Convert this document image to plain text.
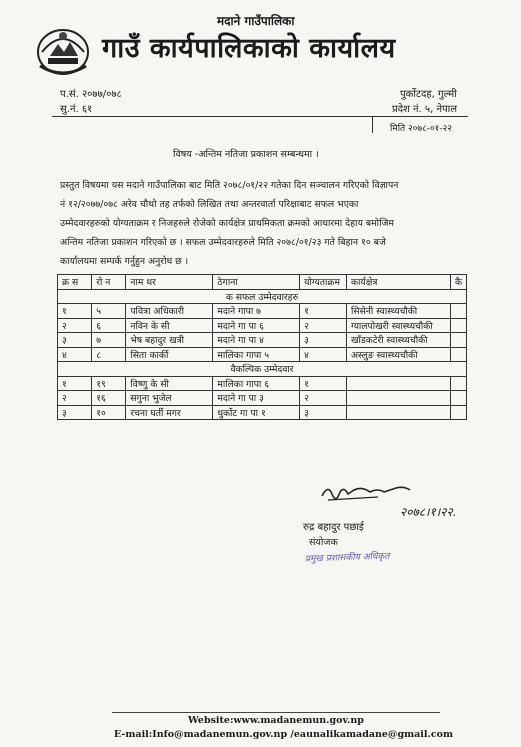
मदाने गाउँपालिका
गाउँ कार्यपालिकाको कार्यालय
प.सं. २०७७/०७८
सु.नं. ६१
पुर्कोटदह, गुल्मी
प्रदेश नं. ५, नेपाल
मिति २०७८-०१-२२
विषय -अन्तिम नतिजा प्रकाशन सम्बन्धमा ।
प्रस्तुत विषयमा यस मदाने गाउँपालिका बाट मिति २०७८/०१/२२ गतेका दिन सञ्चालन गरिएको विज्ञापन
नं १२/२०७७/०७८ अरेव चौथो तह तर्फको लिखित तथा अन्तरवार्ता परिक्षाबाट सफल भएका
उम्मेदवारहरुको योग्यताक्रम र निजहरुले रोजेको कार्यक्षेत्र प्राथमिकता क्रमको आधारमा देहाय बमोजिम
अन्तिम नतिजा प्रकाशन गरिएको छ । सफल उम्मेदवारहरुले मिति २०७८/०१/२३ गते बिहान १० बजे
कार्यालयमा सम्पर्क गर्नुहुन अनुरोध छ ।
क्र स	रो न	नाम थर	ठेगाना	योग्यताक्रम	कार्यक्षेत्र	कै
क सफल उम्मेदवारहरु						
१	५	पवित्रा अधिकारी	मदाने गापा ७	१	सिसेनी स्वास्थ्यचौकी	
२	६	नविन के सी	मदाने गा पा ६	२	ग्यालपोखरी स्वास्थ्यचौकी	
३	७	भेष बहादुर खत्री	मदाने गा पा ४	३	खाँडकटेरी स्वास्थ्यचौकी	
४	८	सिता कार्की	मालिका गापा ५	४	अस्लुङ स्वास्थ्यचौकी	
वैकल्पिक उम्मेदवार						
१	१९	विष्णु के सी	मालिका गापा ६	१		
२	१६	सगुना भुजेल	मदाने गा पा ३	२		
३	१०	रचना घर्ती मगर	धुर्कोट गा पा १	३		
२०७८।१।२२.
रुद्र बहादुर पछाई
संयोजक
प्रमुख प्रशासकीय अधिकृत
Website:www.madanemun.gov.np
E-mail:Info@madanemun.gov.np /eaunalikamadane@gmail.com
